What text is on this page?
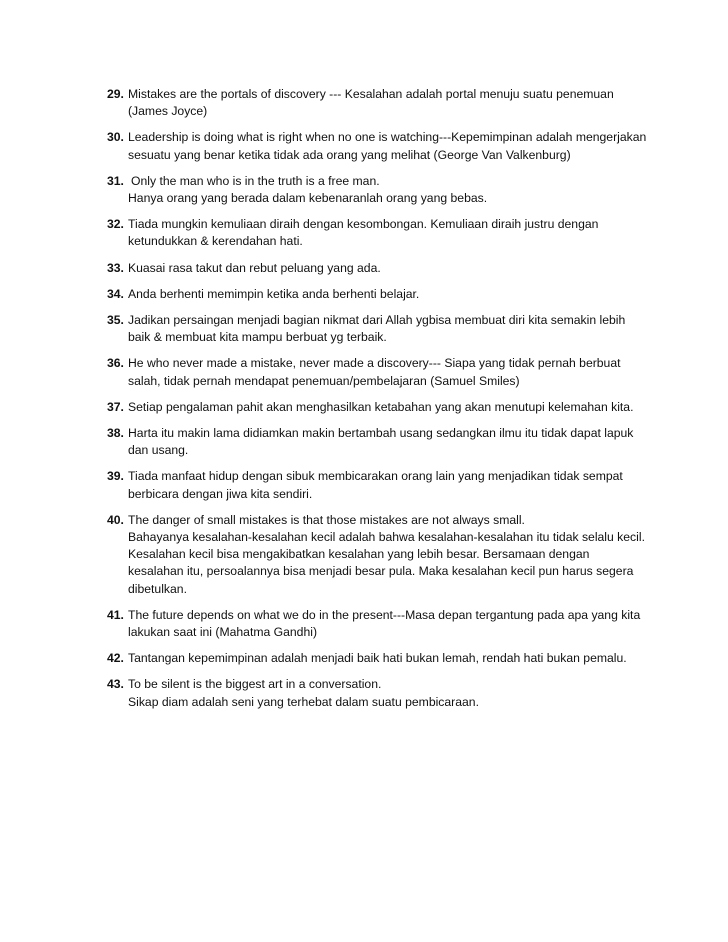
29. Mistakes are the portals of discovery --- Kesalahan adalah portal menuju suatu penemuan (James Joyce)
30. Leadership is doing what is right when no one is watching---Kepemimpinan adalah mengerjakan sesuatu yang benar ketika tidak ada orang yang melihat (George Van Valkenburg)
31. Only the man who is in the truth is a free man.
Hanya orang yang berada dalam kebenaranlah orang yang bebas.
32. Tiada mungkin kemuliaan diraih dengan kesombongan. Kemuliaan diraih justru dengan ketundukkan & kerendahan hati.
33. Kuasai rasa takut dan rebut peluang yang ada.
34. Anda berhenti memimpin ketika anda berhenti belajar.
35. Jadikan persaingan menjadi bagian nikmat dari Allah ygbisa membuat diri kita semakin lebih baik & membuat kita mampu berbuat yg terbaik.
36. He who never made a mistake, never made a discovery--- Siapa yang tidak pernah berbuat salah, tidak pernah mendapat penemuan/pembelajaran (Samuel Smiles)
37. Setiap pengalaman pahit akan menghasilkan ketabahan yang akan menutupi kelemahan kita.
38. Harta itu makin lama didiamkan makin bertambah usang sedangkan ilmu itu tidak dapat lapuk dan usang.
39. Tiada manfaat hidup dengan sibuk membicarakan orang lain yang menjadikan tidak sempat berbicara dengan jiwa kita sendiri.
40. The danger of small mistakes is that those mistakes are not always small.
Bahayanya kesalahan-kesalahan kecil adalah bahwa kesalahan-kesalahan itu tidak selalu kecil.
Kesalahan kecil bisa mengakibatkan kesalahan yang lebih besar. Bersamaan dengan kesalahan itu, persoalannya bisa menjadi besar pula. Maka kesalahan kecil pun harus segera dibetulkan.
41. The future depends on what we do in the present---Masa depan tergantung pada apa yang kita lakukan saat ini (Mahatma Gandhi)
42. Tantangan kepemimpinan adalah menjadi baik hati bukan lemah, rendah hati bukan pemalu.
43. To be silent is the biggest art in a conversation.
Sikap diam adalah seni yang terhebat dalam suatu pembicaraan.
